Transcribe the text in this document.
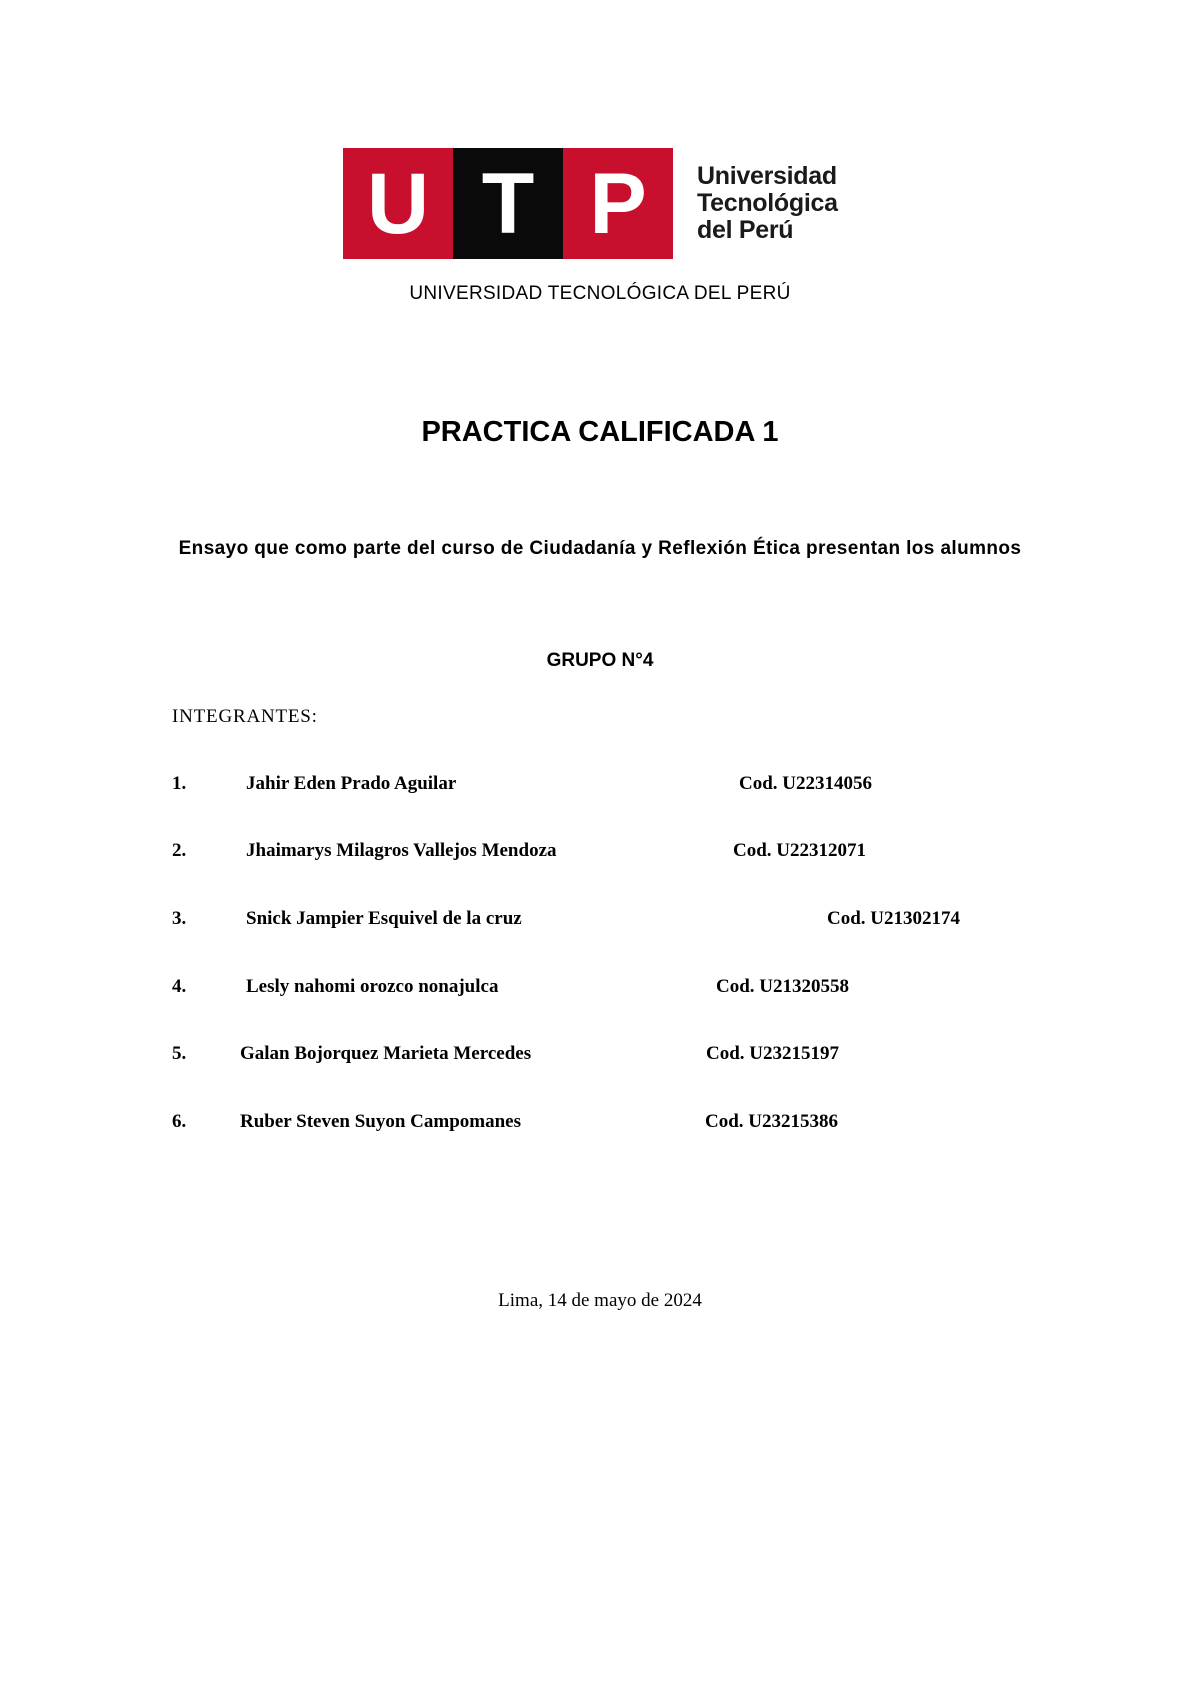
U T P Universidad
Tecnológica
del Perú
UNIVERSIDAD TECNOLÓGICA DEL PERÚ
PRACTICA CALIFICADA 1
Ensayo que como parte del curso de Ciudadanía y Reflexión Ética presentan los alumnos
GRUPO N°4
INTEGRANTES:
1.	Jahir Eden Prado Aguilar	Cod. U22314056
2.	Jhaimarys Milagros Vallejos Mendoza	Cod. U22312071
3.	Snick Jampier Esquivel de la cruz	Cod. U21302174
4.	Lesly nahomi orozco nonajulca	Cod. U21320558
5.	Galan Bojorquez Marieta Mercedes	Cod. U23215197
6.	Ruber Steven Suyon Campomanes	Cod. U23215386
Lima, 14 de mayo de 2024
